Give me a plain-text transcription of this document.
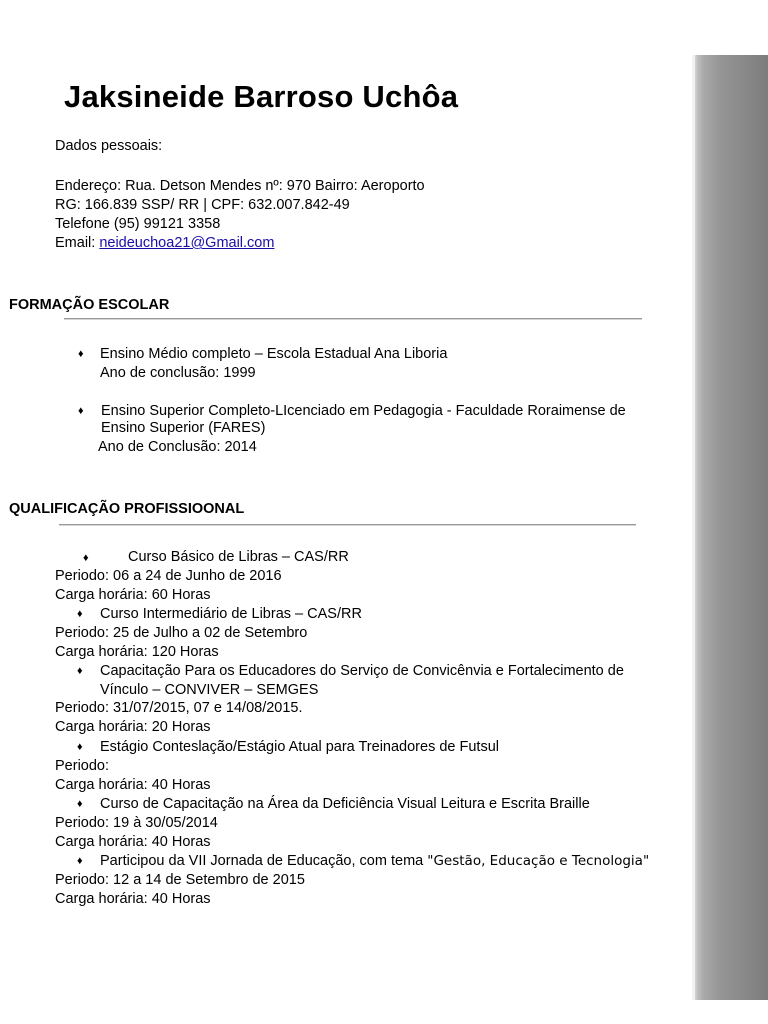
Jaksineide Barroso Uchôa
Dados pessoais:
Endereço: Rua. Detson Mendes nº: 970 Bairro: Aeroporto
RG: 166.839 SSP/ RR | CPF: 632.007.842-49
Telefone (95) 99121 3358
Email: neideuchoa21@Gmail.com
FORMAÇÃO ESCOLAR
♦ Ensino Médio completo – Escola Estadual Ana Liboria
Ano de conclusão: 1999
♦ Ensino Superior Completo-LIcenciado em Pedagogia - Faculdade Roraimense de
Ensino Superior (FARES)
Ano de Conclusão: 2014
QUALIFICAÇÃO PROFISSIOONAL
♦	Curso Básico de Libras – CAS/RR
Periodo: 06 a 24 de Junho de 2016
Carga horária: 60 Horas
♦ Curso Intermediário de Libras – CAS/RR
Periodo: 25 de Julho a 02 de Setembro
Carga horária: 120 Horas
♦ Capacitação Para os Educadores do Serviço de Convicênvia e Fortalecimento de
Vínculo – CONVIVER – SEMGES
Periodo: 31/07/2015, 07 e 14/08/2015.
Carga horária: 20 Horas
♦ Estágio Conteslação/Estágio Atual para Treinadores de Futsul
Periodo:
Carga horária: 40 Horas
♦ Curso de Capacitação na Área da Deficiência Visual Leitura e Escrita Braille
Periodo: 19 à 30/05/2014
Carga horária: 40 Horas
♦ Participou da VII Jornada de Educação, com tema "Gestão, Educação e Tecnologia"
Periodo: 12 a 14 de Setembro de 2015
Carga horária: 40 Horas
